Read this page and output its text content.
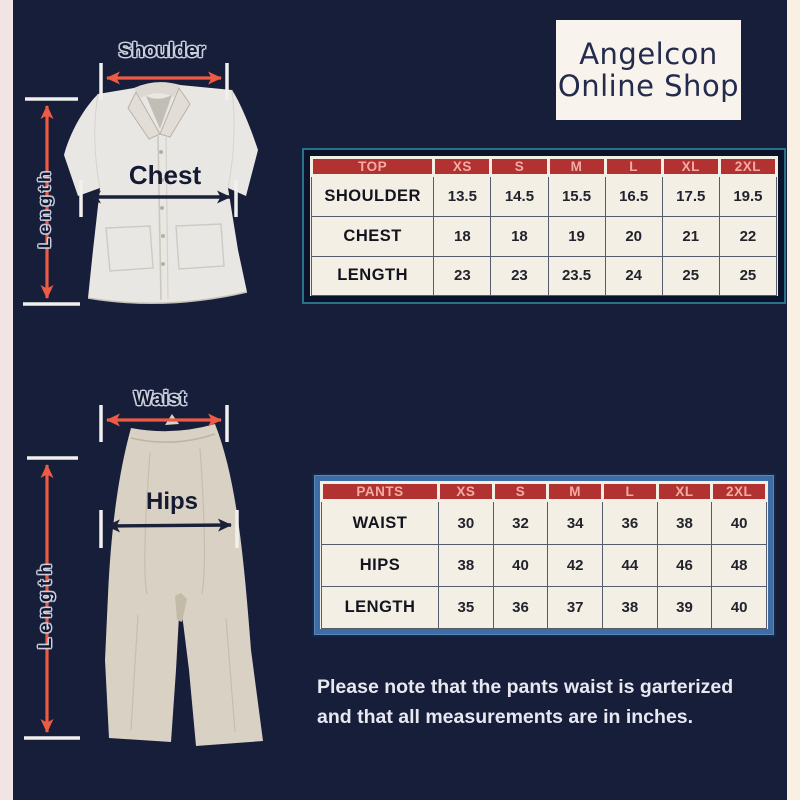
Angelcon
Online Shop
Shoulder
Chest
Length
TOP	XS	S	M	L	XL	2XL
SHOULDER	13.5	14.5	15.5	16.5	17.5	19.5
CHEST	18	18	19	20	21	22
LENGTH	23	23	23.5	24	25	25
Waist
Hips
Length
PANTS	XS	S	M	L	XL	2XL
WAIST	30	32	34	36	38	40
HIPS	38	40	42	44	46	48
LENGTH	35	36	37	38	39	40
Please note that the pants waist is garterized
and that all measurements are in inches.
